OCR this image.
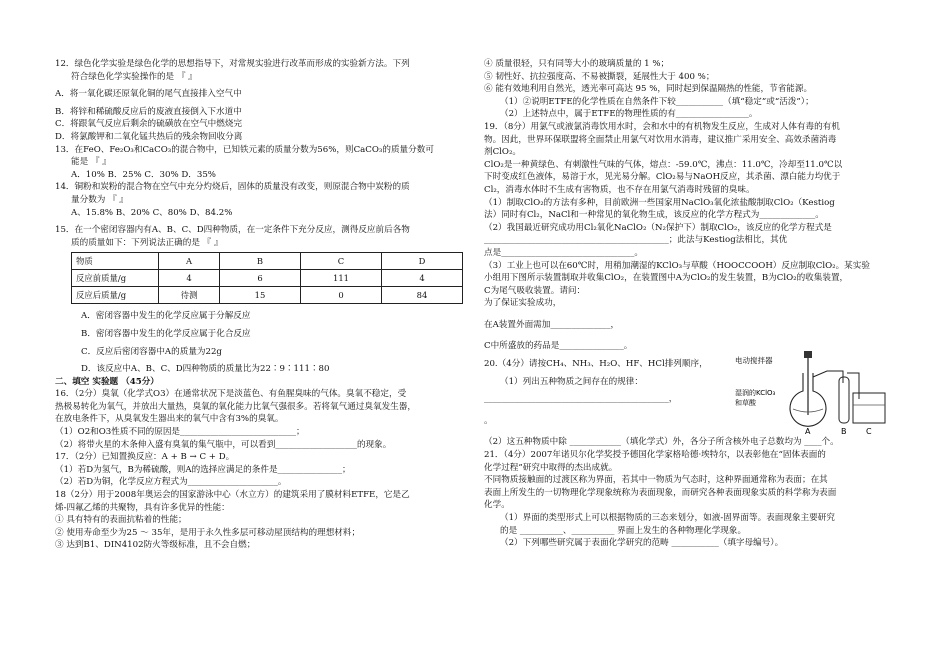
12．绿色化学实验是绿色化学的思想指导下，对常规实验进行改革而形成的实验新方法。下列
符合绿色化学实验操作的是 『 』
A．将一氧化碳还原氧化铜的尾气直接排入空气中
B．将锌和稀硫酸反应后的废液直接倒入下水道中
C．将跟氧气反应后剩余的硫磺放在空气中燃烧完
D．将氯酸钾和二氧化锰共热后的残余物回收分离
13．在FeO、Fe₂O₃和CaCO₃的混合物中，已知铁元素的质量分数为56%，则CaCO₃的质量分数可
能是 『 』
A．10% B．25% C．30% D．35%
14．铜粉和炭粉的混合物在空气中充分灼烧后，固体的质量没有改变，则原混合物中炭粉的质
量分数为 『 』
A、15.8% B、20% C、80% D、84.2%
15．在一个密闭容器内有A、B、C、D四种物质，在一定条件下充分反应，测得反应前后各物
质的质量如下：下列说法正确的是 『 』
物质	A	B	C	D
反应前质量/g	4	6	111	4
反应后质量/g	待测	15	0	84
A．密闭容器中发生的化学反应属于分解反应
B．密闭容器中发生的化学反应属于化合反应
C．反应后密闭容器中A的质量为22g
D．该反应中A、B、C、D四种物质的质量比为22∶9∶111∶80
二、填空 实验题 （45分）
16．（2分）臭氧（化学式O3）在通常状况下是淡蓝色、有鱼腥臭味的气体。臭氧不稳定，受
热极易转化为氧气，并放出大量热，臭氧的氧化能力比氧气强很多。若将氧气通过臭氧发生器，
在放电条件下，从臭氧发生器出来的氧气中含有3%的臭氧。
（1）O2和O3性质不同的原因是___________________________；
（2）将带火星的木条伸入盛有臭氧的集气瓶中，可以看到___________________的现象。
17．（2分）已知置换反应：A + B → C + D。
（1）若D为氢气，B为稀硫酸，则A的选择应满足的条件是_______________；
（2）若D为铜，化学反应方程式为_____________________。
18（2分）用于2008年奥运会的国家游泳中心（水立方）的建筑采用了膜材料ETFE，它是乙
烯-四氟乙烯的共聚物，具有许多优异的性能：
① 具有特有的表面抗粘着的性能；
② 使用寿命至少为25 ～ 35年，是用于永久性多层可移动屋顶结构的理想材料；
③ 达到B1、DIN4102防火等级标准，且不会自燃；
④ 质量很轻，只有同等大小的玻璃质量的 1 %；
⑤ 韧性好、抗拉强度高、不易被撕裂，延展性大于 400 %；
⑥ 能有效地利用自然光，透光率可高达 95 %，同时起到保温隔热的性能，节省能源。
（1）②说明ETFE的化学性质在自然条件下较___________（填“稳定”或“活泼”）；
（2）上述特点中，属于ETFE的物理性质的有_________________。
19．（8分）用氯气或液氯消毒饮用水时，会和水中的有机物发生反应，生成对人体有毒的有机
物。因此，世界环保联盟将全面禁止用氯气对饮用水消毒，建议推广采用安全、高效杀菌消毒
剂ClO₂。
ClO₂是一种黄绿色、有刺激性气味的气体，熔点：-59.0℃，沸点：11.0℃，冷却至11.0℃以
下时变成红色液体，易溶于水，见光易分解。ClO₂易与NaOH反应，其杀菌、漂白能力均优于
Cl₂，消毒水体时不生成有害物质，也不存在用氯气消毒时残留的臭味。
（1）制取ClO₂的方法有多种，目前欧洲一些国家用NaClO₃氧化浓盐酸制取ClO₂（Kestiog
法）同时有Cl₂，NaCl和一种常见的氧化物生成，该反应的化学方程式为_____________。
（2）我国最近研究成功用Cl₂氧化NaClO₂（N₂保护下）制取ClO₂，该反应的化学方程式是
___________________________________________；此法与Kestiog法相比，其优
点是_______________________________。
（3）工业上也可以在60℃时，用稍加潮湿的KClO₃与草酸（HOOCCOOH）反应制取ClO₂。某实验
小组用下图所示装置制取并收集ClO₂，在装置图中A为ClO₂的发生装置，B为ClO₂的收集装置，
C为尾气吸收装置。请问：
为了保证实验成功，
在A装置外面需加______________，
C中所盛放的药品是_______________。
20.（4分）请按CH₄、NH₃、H₂O、HF、HCl排列顺序，
（1）列出五种物质之间存在的规律：
___________________________________________，
。
（2）这五种物质中除 ____________（填化学式）外，各分子所含核外电子总数均为 ____个。
21．（4分）2007年诺贝尔化学奖授予德国化学家格哈德·埃特尔，以表彰他在“固体表面的
化学过程”研究中取得的杰出成就。
不同物质接触面的过渡区称为界面，若其中一物质为气态时，这种界面通常称为表面；在其
表面上所发生的一切物理化学现象统称为表面现象，而研究各种表面现象实质的科学称为表面
化学。
（1）界面的类型形式上可以根据物质的三态来划分，如液-固界面等。表面现象主要研究
的是 __________、__________ 界面上发生的各种物理化学现象。
（2）下列哪些研究属于表面化学研究的范畴 ___________（填字母编号）。
电动搅拌器
湿润的KClO₃
和草酸
A	B C
